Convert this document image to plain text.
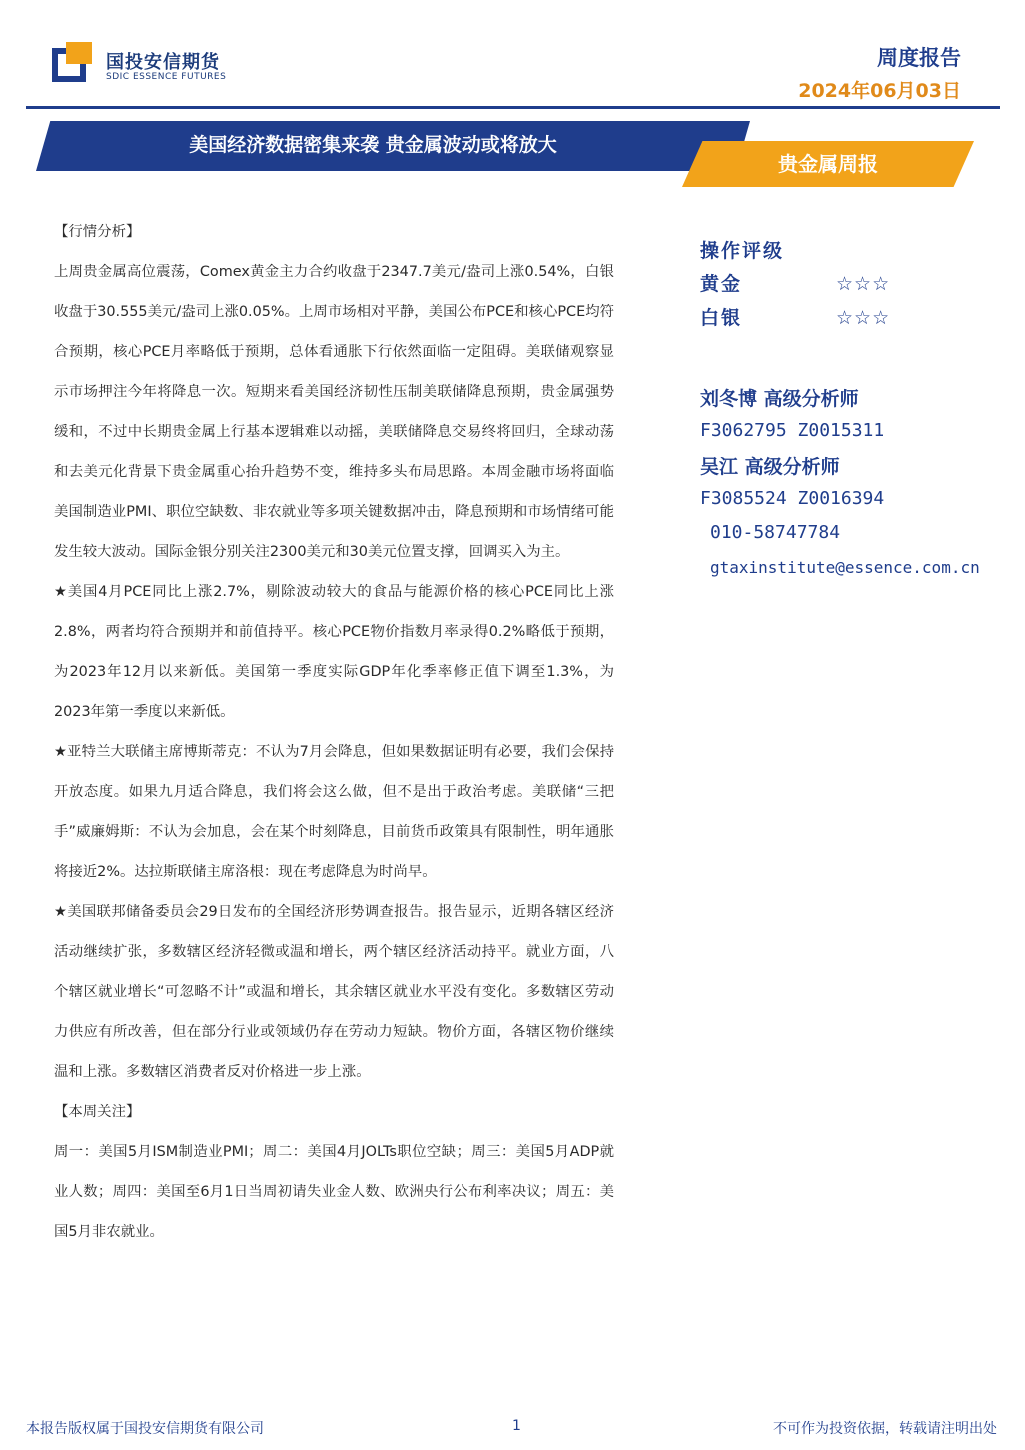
国投安信期货
SDIC ESSENCE FUTURES
周度报告
2024年06月03日
美国经济数据密集来袭 贵金属波动或将放大
贵金属周报

【行情分析】

上周贵金属高位震荡，Comex黄金主力合约收盘于2347.7美元/盎司上涨0.54%，白银收盘于30.555美元/盎司上涨0.05%。上周市场相对平静，美国公布PCE和核心PCE均符合预期，核心PCE月率略低于预期，总体看通胀下行依然面临一定阻碍。美联储观察显示市场押注今年将降息一次。短期来看美国经济韧性压制美联储降息预期，贵金属强势缓和，不过中长期贵金属上行基本逻辑难以动摇，美联储降息交易终将回归，全球动荡和去美元化背景下贵金属重心抬升趋势不变，维持多头布局思路。本周金融市场将面临美国制造业PMI、职位空缺数、非农就业等多项关键数据冲击，降息预期和市场情绪可能发生较大波动。国际金银分别关注2300美元和30美元位置支撑，回调买入为主。

★美国4月PCE同比上涨2.7%，剔除波动较大的食品与能源价格的核心PCE同比上涨2.8%，两者均符合预期并和前值持平。核心PCE物价指数月率录得0.2%略低于预期，为2023年12月以来新低。美国第一季度实际GDP年化季率修正值下调至1.3%，为2023年第一季度以来新低。

★亚特兰大联储主席博斯蒂克：不认为7月会降息，但如果数据证明有必要，我们会保持开放态度。如果九月适合降息，我们将会这么做，但不是出于政治考虑。美联储“三把手”威廉姆斯：不认为会加息，会在某个时刻降息，目前货币政策具有限制性，明年通胀将接近2%。达拉斯联储主席洛根：现在考虑降息为时尚早。

★美国联邦储备委员会29日发布的全国经济形势调查报告。报告显示，近期各辖区经济活动继续扩张，多数辖区经济轻微或温和增长，两个辖区经济活动持平。就业方面，八个辖区就业增长“可忽略不计”或温和增长，其余辖区就业水平没有变化。多数辖区劳动力供应有所改善，但在部分行业或领域仍存在劳动力短缺。物价方面，各辖区物价继续温和上涨。多数辖区消费者反对价格进一步上涨。

【本周关注】

周一：美国5月ISM制造业PMI；周二：美国4月JOLTs职位空缺；周三：美国5月ADP就业人数；周四：美国至6月1日当周初请失业金人数、欧洲央行公布利率决议；周五：美国5月非农就业。

操作评级
黄金	☆☆☆
白银	☆☆☆
刘冬博 高级分析师
F3062795 Z0015311
吴江 高级分析师
F3085524 Z0016394
010-58747784
gtaxinstitute@essence.com.cn
本报告版权属于国投安信期货有限公司	1	不可作为投资依据，转载请注明出处
